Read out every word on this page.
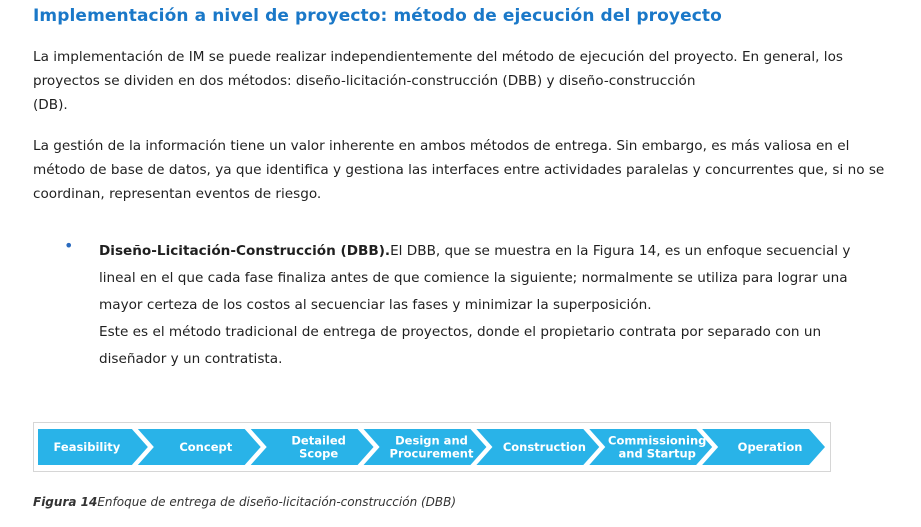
Implementación a nivel de proyecto: método de ejecución del proyecto

La implementación de IM se puede realizar independientemente del método de ejecución del proyecto. En general, los
proyectos se dividen en dos métodos: diseño-licitación-construcción (DBB) y diseño-construcción
(DB).

La gestión de la información tiene un valor inherente en ambos métodos de entrega. Sin embargo, es más valiosa en el método de base de datos, ya que identifica y gestiona las interfaces entre actividades paralelas y concurrentes que, si no se coordinan, representan eventos de riesgo.

• Diseño-Licitación-Construcción (DBB).El DBB, que se muestra en la Figura 14, es un enfoque secuencial y lineal en el que cada fase finaliza antes de que comience la siguiente; normalmente se utiliza para lograr una mayor certeza de los costos al secuenciar las fases y minimizar la superposición.
Este es el método tradicional de entrega de proyectos, donde el propietario contrata por separado con un diseñador y un contratista.

Feasibility	Concept	Detailed
Scope
Design and
Procurement	Construction Commissioning
and Startup	Operation
Figura 14Enfoque de entrega de diseño-licitación-construcción (DBB)
